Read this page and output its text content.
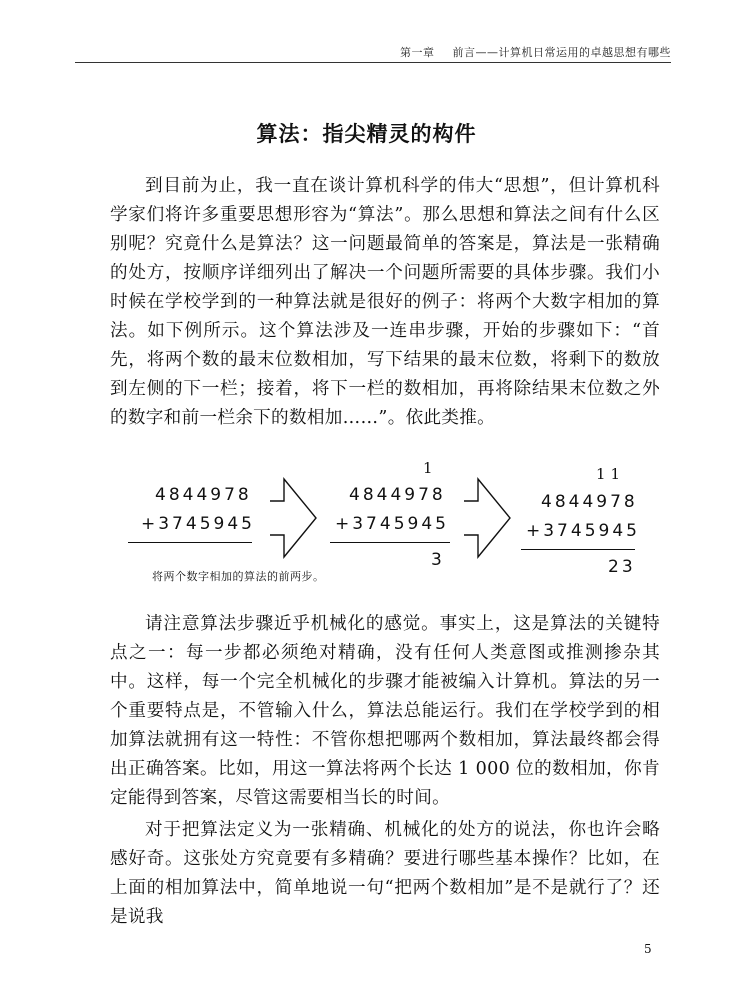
第一章 前言——计算机日常运用的卓越思想有哪些
算法：指尖精灵的构件

到目前为止，我一直在谈计算机科学的伟大“思想”，但计算机科学家们将许多重要思想形容为“算法”。那么思想和算法之间有什么区别呢？究竟什么是算法？这一问题最简单的答案是，算法是一张精确的处方，按顺序详细列出了解决一个问题所需要的具体步骤。我们小时候在学校学到的一种算法就是很好的例子：将两个大数字相加的算法。如下例所示。这个算法涉及一连串步骤，开始的步骤如下：“首先，将两个数的最末位数相加，写下结果的最末位数，将剩下的数放到左侧的下一栏；接着，将下一栏的数相加，再将除结果末位数之外的数字和前一栏余下的数相加……”。依此类推。

4844978
+3745945
1
4844978
+3745945
3
11
4844978
+3745945
23
将两个数字相加的算法的前两步。

请注意算法步骤近乎机械化的感觉。事实上，这是算法的关键特点之一：每一步都必须绝对精确，没有任何人类意图或推测掺杂其中。这样，每一个完全机械化的步骤才能被编入计算机。算法的另一个重要特点是，不管输入什么，算法总能运行。我们在学校学到的相加算法就拥有这一特性：不管你想把哪两个数相加，算法最终都会得出正确答案。比如，用这一算法将两个长达 1 000 位的数相加，你肯定能得到答案，尽管这需要相当长的时间。

对于把算法定义为一张精确、机械化的处方的说法，你也许会略感好奇。这张处方究竟要有多精确？要进行哪些基本操作？比如，在上面的相加算法中，简单地说一句“把两个数相加”是不是就行了？还是说我

5
